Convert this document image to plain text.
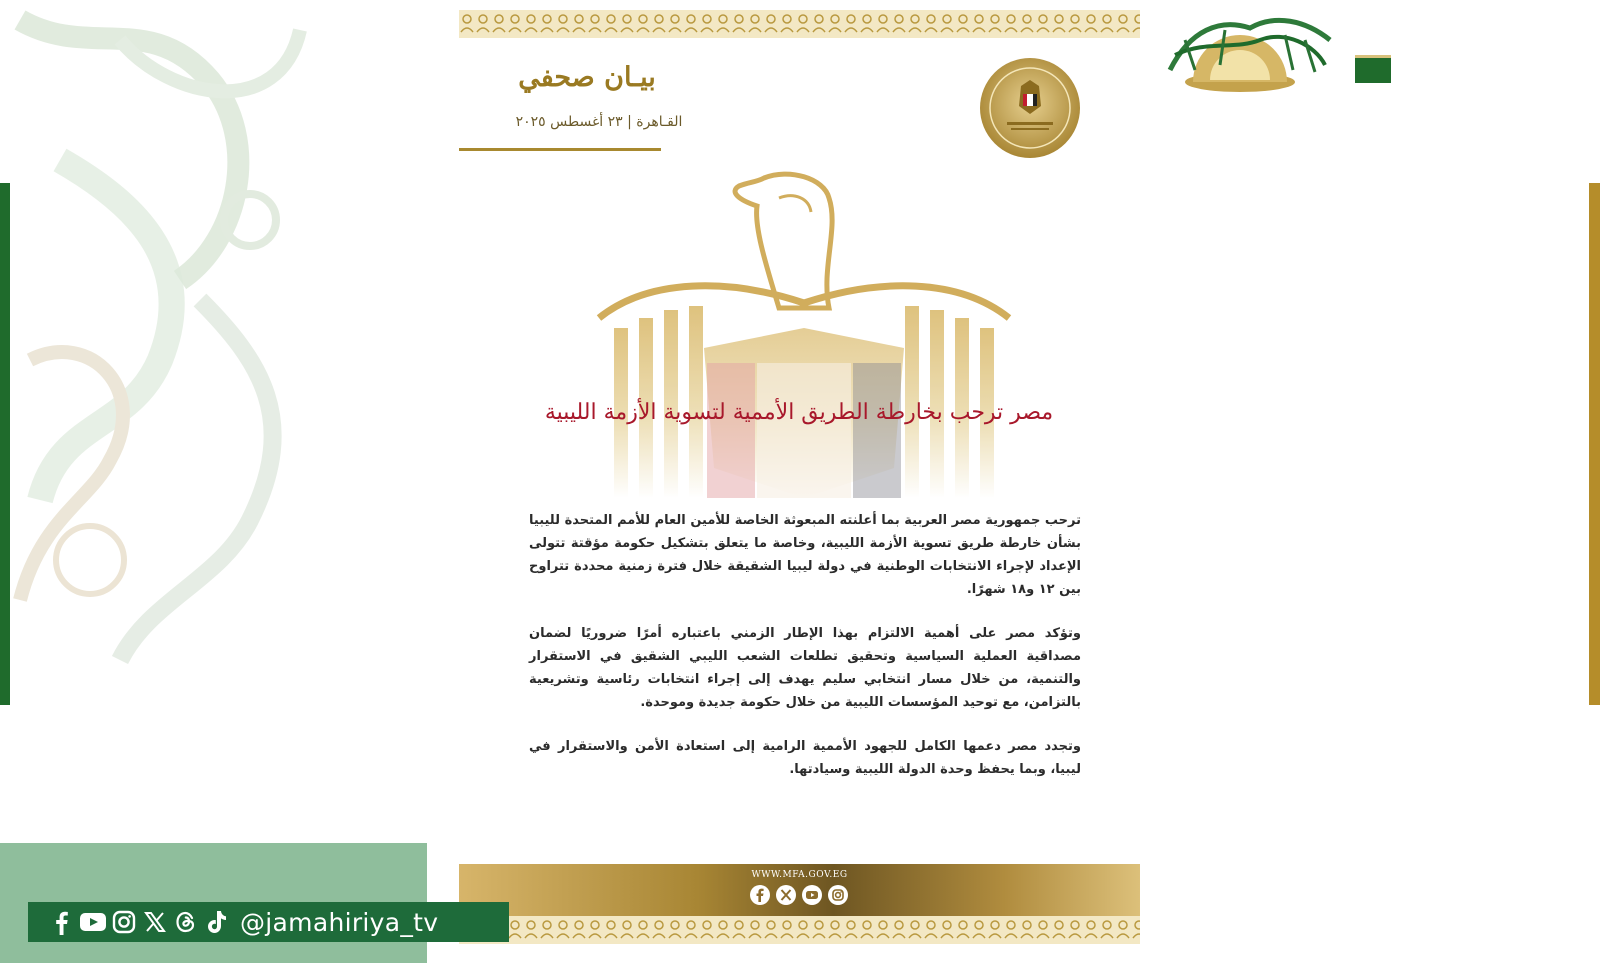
بيـان صحفي
القـاهرة | ٢٣ أغسطس ٢٠٢٥
مصر ترحب بخارطة الطريق الأممية لتسوية الأزمة الليبية

ترحب جمهورية مصر العربية بما أعلنته المبعوثة الخاصة للأمين العام للأمم المتحدة لليبيا بشأن خارطة طريق تسوية الأزمة الليبية، وخاصة ما يتعلق بتشكيل حكومة مؤقتة تتولى الإعداد لإجراء الانتخابات الوطنية في دولة ليبيا الشقيقة خلال فترة زمنية محددة تتراوح بين ١٢ و١٨ شهرًا.

وتؤكد مصر على أهمية الالتزام بهذا الإطار الزمني باعتباره أمرًا ضروريًا لضمان مصداقية العملية السياسية وتحقيق تطلعات الشعب الليبي الشقيق في الاستقرار والتنمية، من خلال مسار انتخابي سليم يهدف إلى إجراء انتخابات رئاسية وتشريعية بالتزامن، مع توحيد المؤسسات الليبية من خلال حكومة جديدة وموحدة.

وتجدد مصر دعمها الكامل للجهود الأممية الرامية إلى استعادة الأمن والاستقرار في ليبيا، وبما يحفظ وحدة الدولة الليبية وسيادتها.

WWW.MFA.GOV.EG
@jamahiriya_tv
